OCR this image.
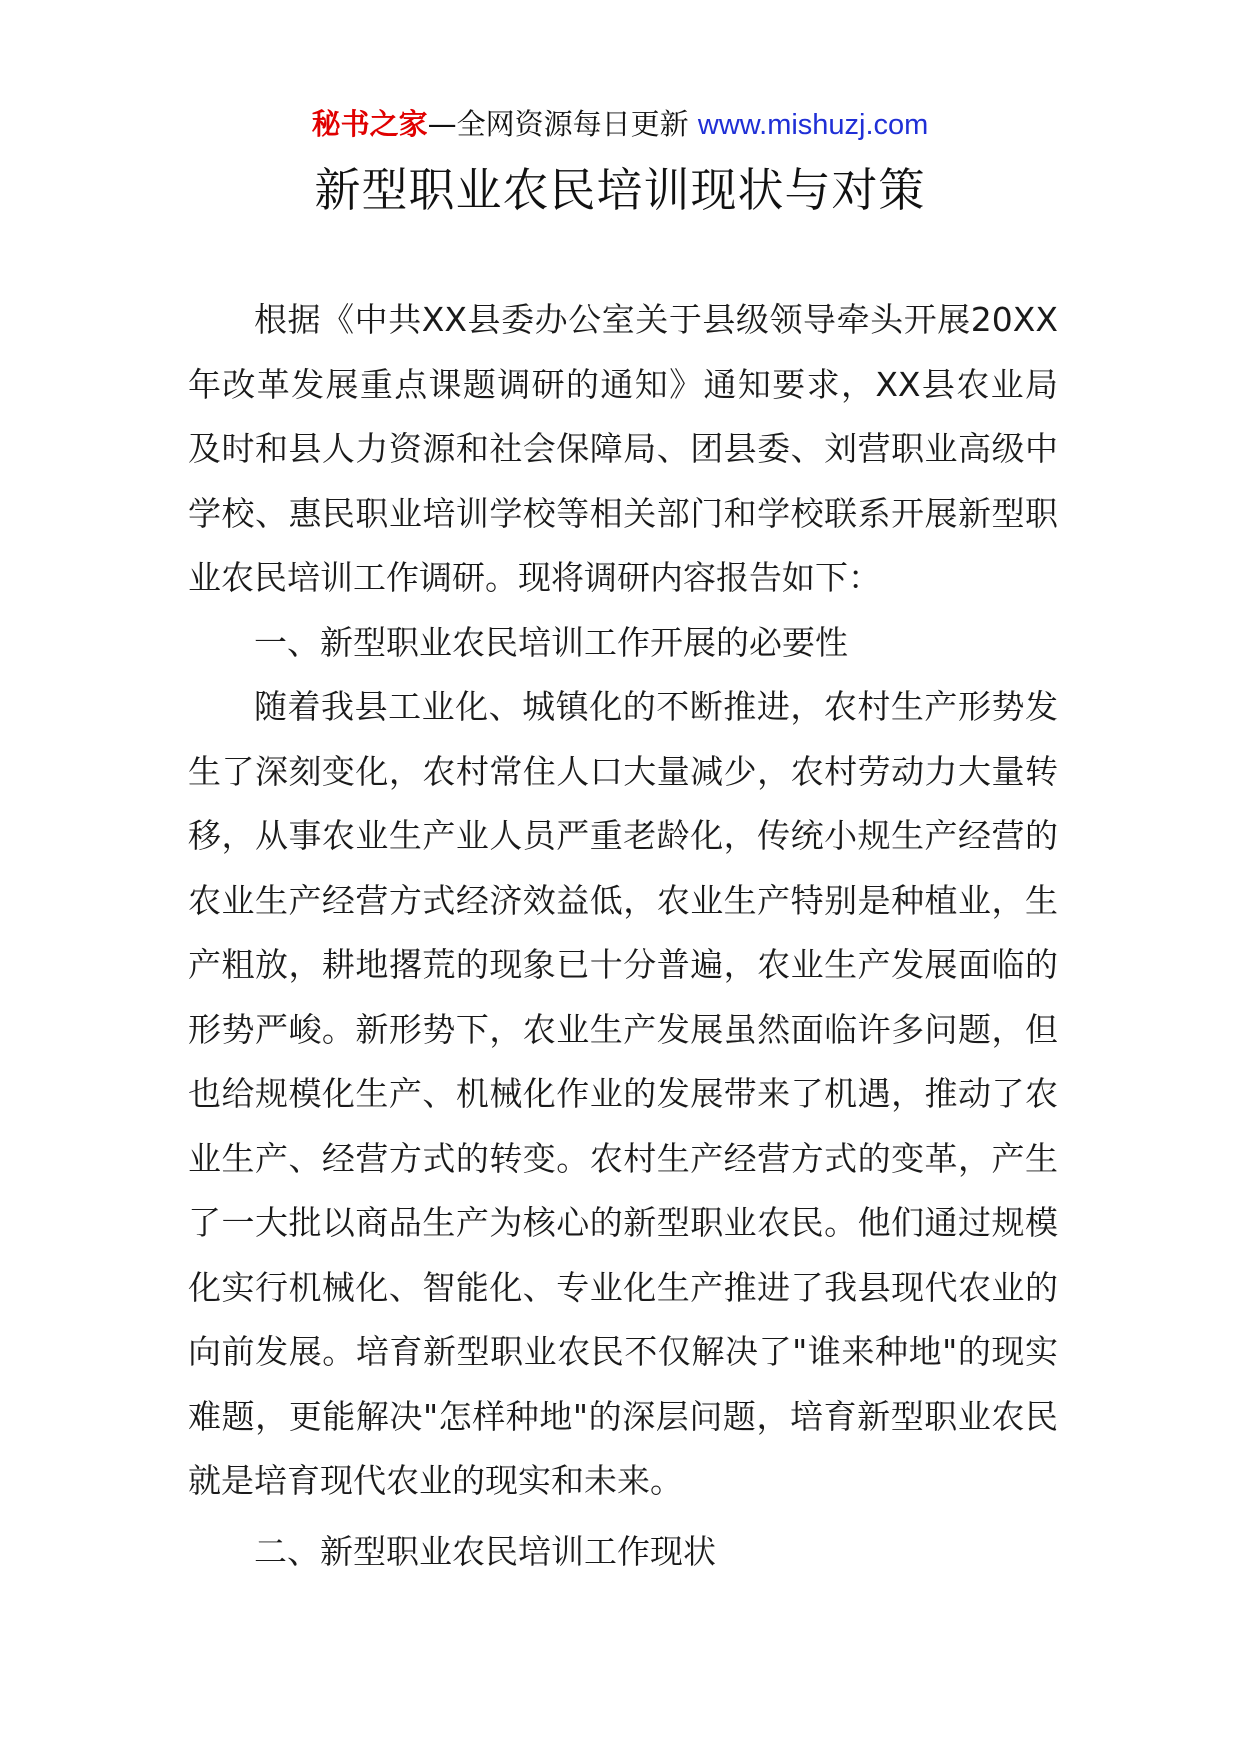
秘书之家—全网资源每日更新 www.mishuzj.com
新型职业农民培训现状与对策

根据《中共XX县委办公室关于县级领导牵头开展20XX年改革发展重点课题调研的通知》通知要求，XX县农业局及时和县人力资源和社会保障局、团县委、刘营职业高级中学校、惠民职业培训学校等相关部门和学校联系开展新型职业农民培训工作调研。现将调研内容报告如下：

一、新型职业农民培训工作开展的必要性

随着我县工业化、城镇化的不断推进，农村生产形势发生了深刻变化，农村常住人口大量减少，农村劳动力大量转移，从事农业生产业人员严重老龄化，传统小规生产经营的农业生产经营方式经济效益低，农业生产特别是种植业，生产粗放，耕地撂荒的现象已十分普遍，农业生产发展面临的形势严峻。新形势下，农业生产发展虽然面临许多问题，但也给规模化生产、机械化作业的发展带来了机遇，推动了农业生产、经营方式的转变。农村生产经营方式的变革，产生了一大批以商品生产为核心的新型职业农民。他们通过规模化实行机械化、智能化、专业化生产推进了我县现代农业的向前发展。培育新型职业农民不仅解决了"谁来种地"的现实难题，更能解决"怎样种地"的深层问题，培育新型职业农民就是培育现代农业的现实和未来。

二、新型职业农民培训工作现状
